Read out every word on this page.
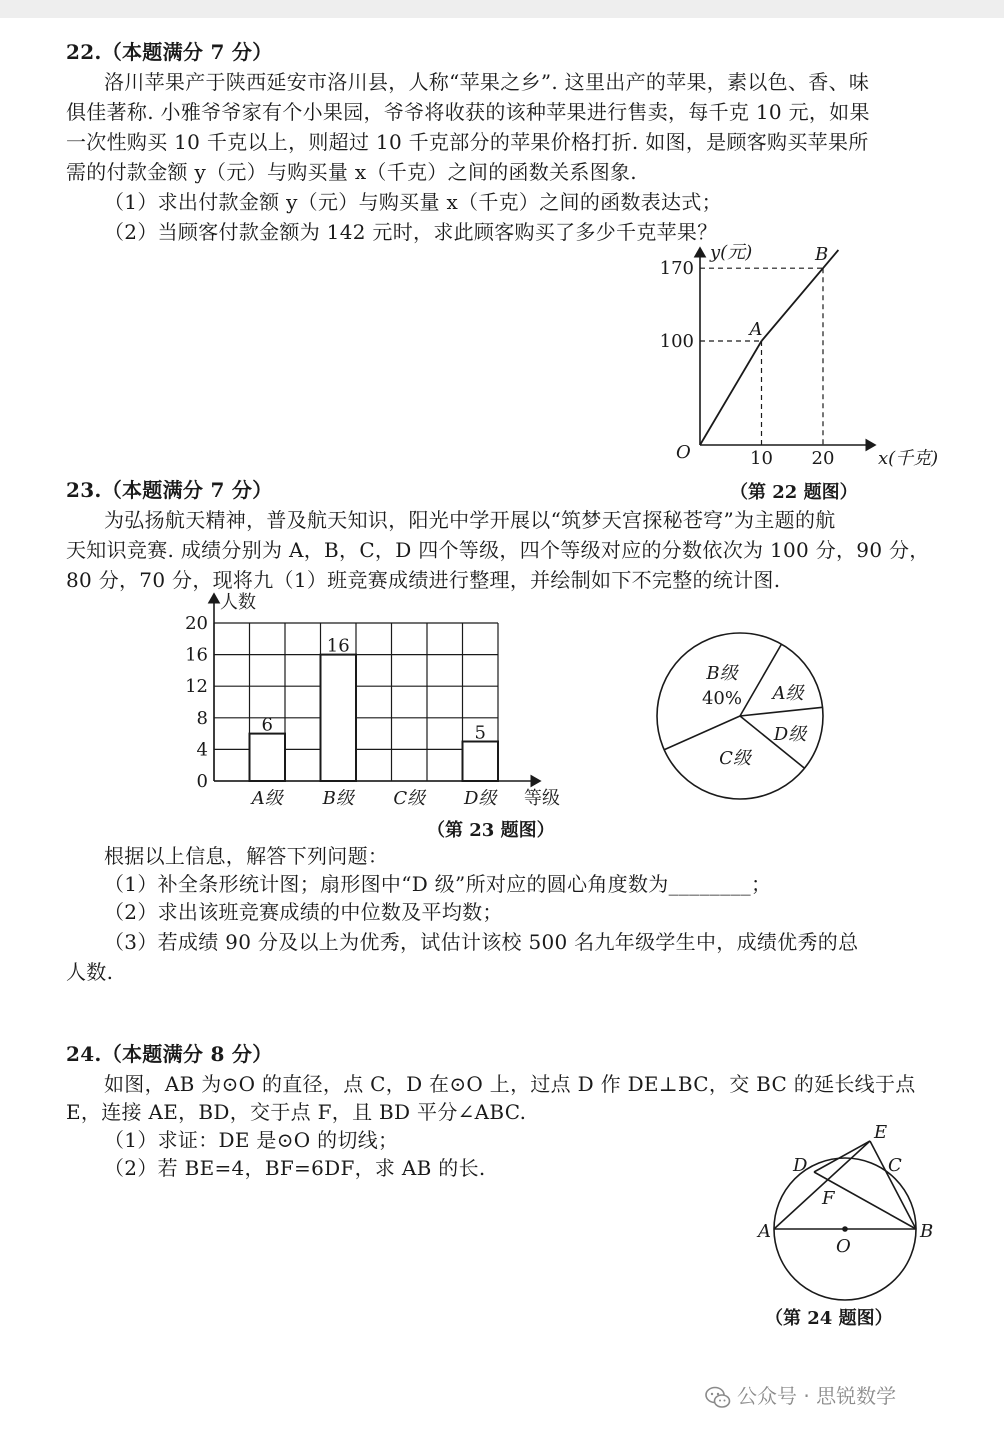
22.（本题满分 7 分）
洛川苹果产于陕西延安市洛川县，人称“苹果之乡”. 这里出产的苹果，素以色、香、味
俱佳著称. 小雅爷爷家有个小果园，爷爷将收获的该种苹果进行售卖，每千克 10 元，如果
一次性购买 10 千克以上，则超过 10 千克部分的苹果价格打折. 如图，是顾客购买苹果所
需的付款金额 y（元）与购买量 x（千克）之间的函数关系图象.
（1）求出付款金额 y（元）与购买量 x（千克）之间的函数表达式；
（2）当顾客付款金额为 142 元时，求此顾客购买了多少千克苹果？
y(元)
x(千克)
O
170
100
10 20
A
B
（第 22 题图）
23.（本题满分 7 分）
为弘扬航天精神，普及航天知识，阳光中学开展以“筑梦天宫探秘苍穹”为主题的航
天知识竞赛. 成绩分别为 A，B，C，D 四个等级，四个等级对应的分数依次为 100 分，90 分，
80 分，70 分，现将九（1）班竞赛成绩进行整理，并绘制如下不完整的统计图.
20
16
12
8
4
0
6
A级
16
B级 C级
5
D级
人数
等级
B级
40% A级
D级
C级
（第 23 题图）
根据以上信息，解答下列问题：
（1）补全条形统计图；扇形图中“D 级”所对应的圆心角度数为________；
（2）求出该班竞赛成绩的中位数及平均数；
（3）若成绩 90 分及以上为优秀，试估计该校 500 名九年级学生中，成绩优秀的总
人数.
24.（本题满分 8 分）
如图，AB 为⊙O 的直径，点 C，D 在⊙O 上，过点 D 作 DE⊥BC，交 BC 的延长线于点
E，连接 AE，BD，交于点 F，且 BD 平分∠ABC.
（1）求证：DE 是⊙O 的切线；
（2）若 BE=4，BF=6DF，求 AB 的长.
A	B
C
D
E
F
O
（第 24 题图）
公众号 · 思锐数学
